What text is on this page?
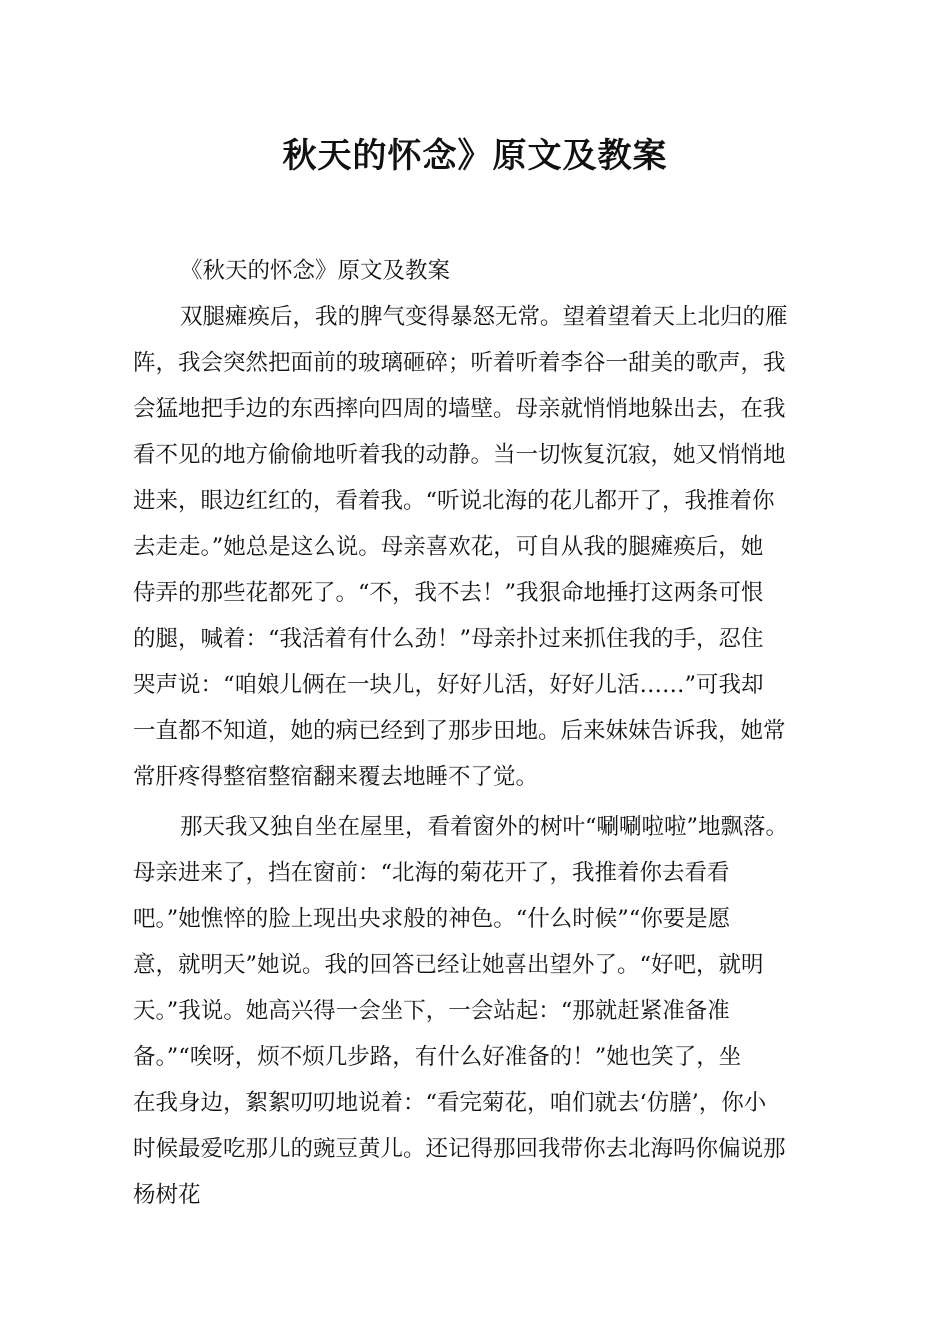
秋天的怀念》原文及教案
《秋天的怀念》原文及教案
双腿瘫痪后，我的脾气变得暴怒无常。望着望着天上北归的雁
阵，我会突然把面前的玻璃砸碎；听着听着李谷一甜美的歌声，我
会猛地把手边的东西摔向四周的墙壁。母亲就悄悄地躲出去，在我
看不见的地方偷偷地听着我的动静。当一切恢复沉寂，她又悄悄地
进来，眼边红红的，看着我。“听说北海的花儿都开了，我推着你
去走走。”她总是这么说。母亲喜欢花，可自从我的腿瘫痪后，她
侍弄的那些花都死了。“不，我不去！”我狠命地捶打这两条可恨
的腿，喊着：“我活着有什么劲！”母亲扑过来抓住我的手，忍住
哭声说：“咱娘儿俩在一块儿，好好儿活，好好儿活……”可我却
一直都不知道，她的病已经到了那步田地。后来妹妹告诉我，她常
常肝疼得整宿整宿翻来覆去地睡不了觉。
那天我又独自坐在屋里，看着窗外的树叶“唰唰啦啦”地飘落。
母亲进来了，挡在窗前：“北海的菊花开了，我推着你去看看
吧。”她憔悴的脸上现出央求般的神色。“什么时候”“你要是愿
意，就明天”她说。我的回答已经让她喜出望外了。“好吧，就明
天。”我说。她高兴得一会坐下，一会站起：“那就赶紧准备准
备。”“唉呀，烦不烦几步路，有什么好准备的！”她也笑了，坐
在我身边，絮絮叨叨地说着：“看完菊花，咱们就去‘仿膳’，你小
时候最爱吃那儿的豌豆黄儿。还记得那回我带你去北海吗你偏说那
杨树花
